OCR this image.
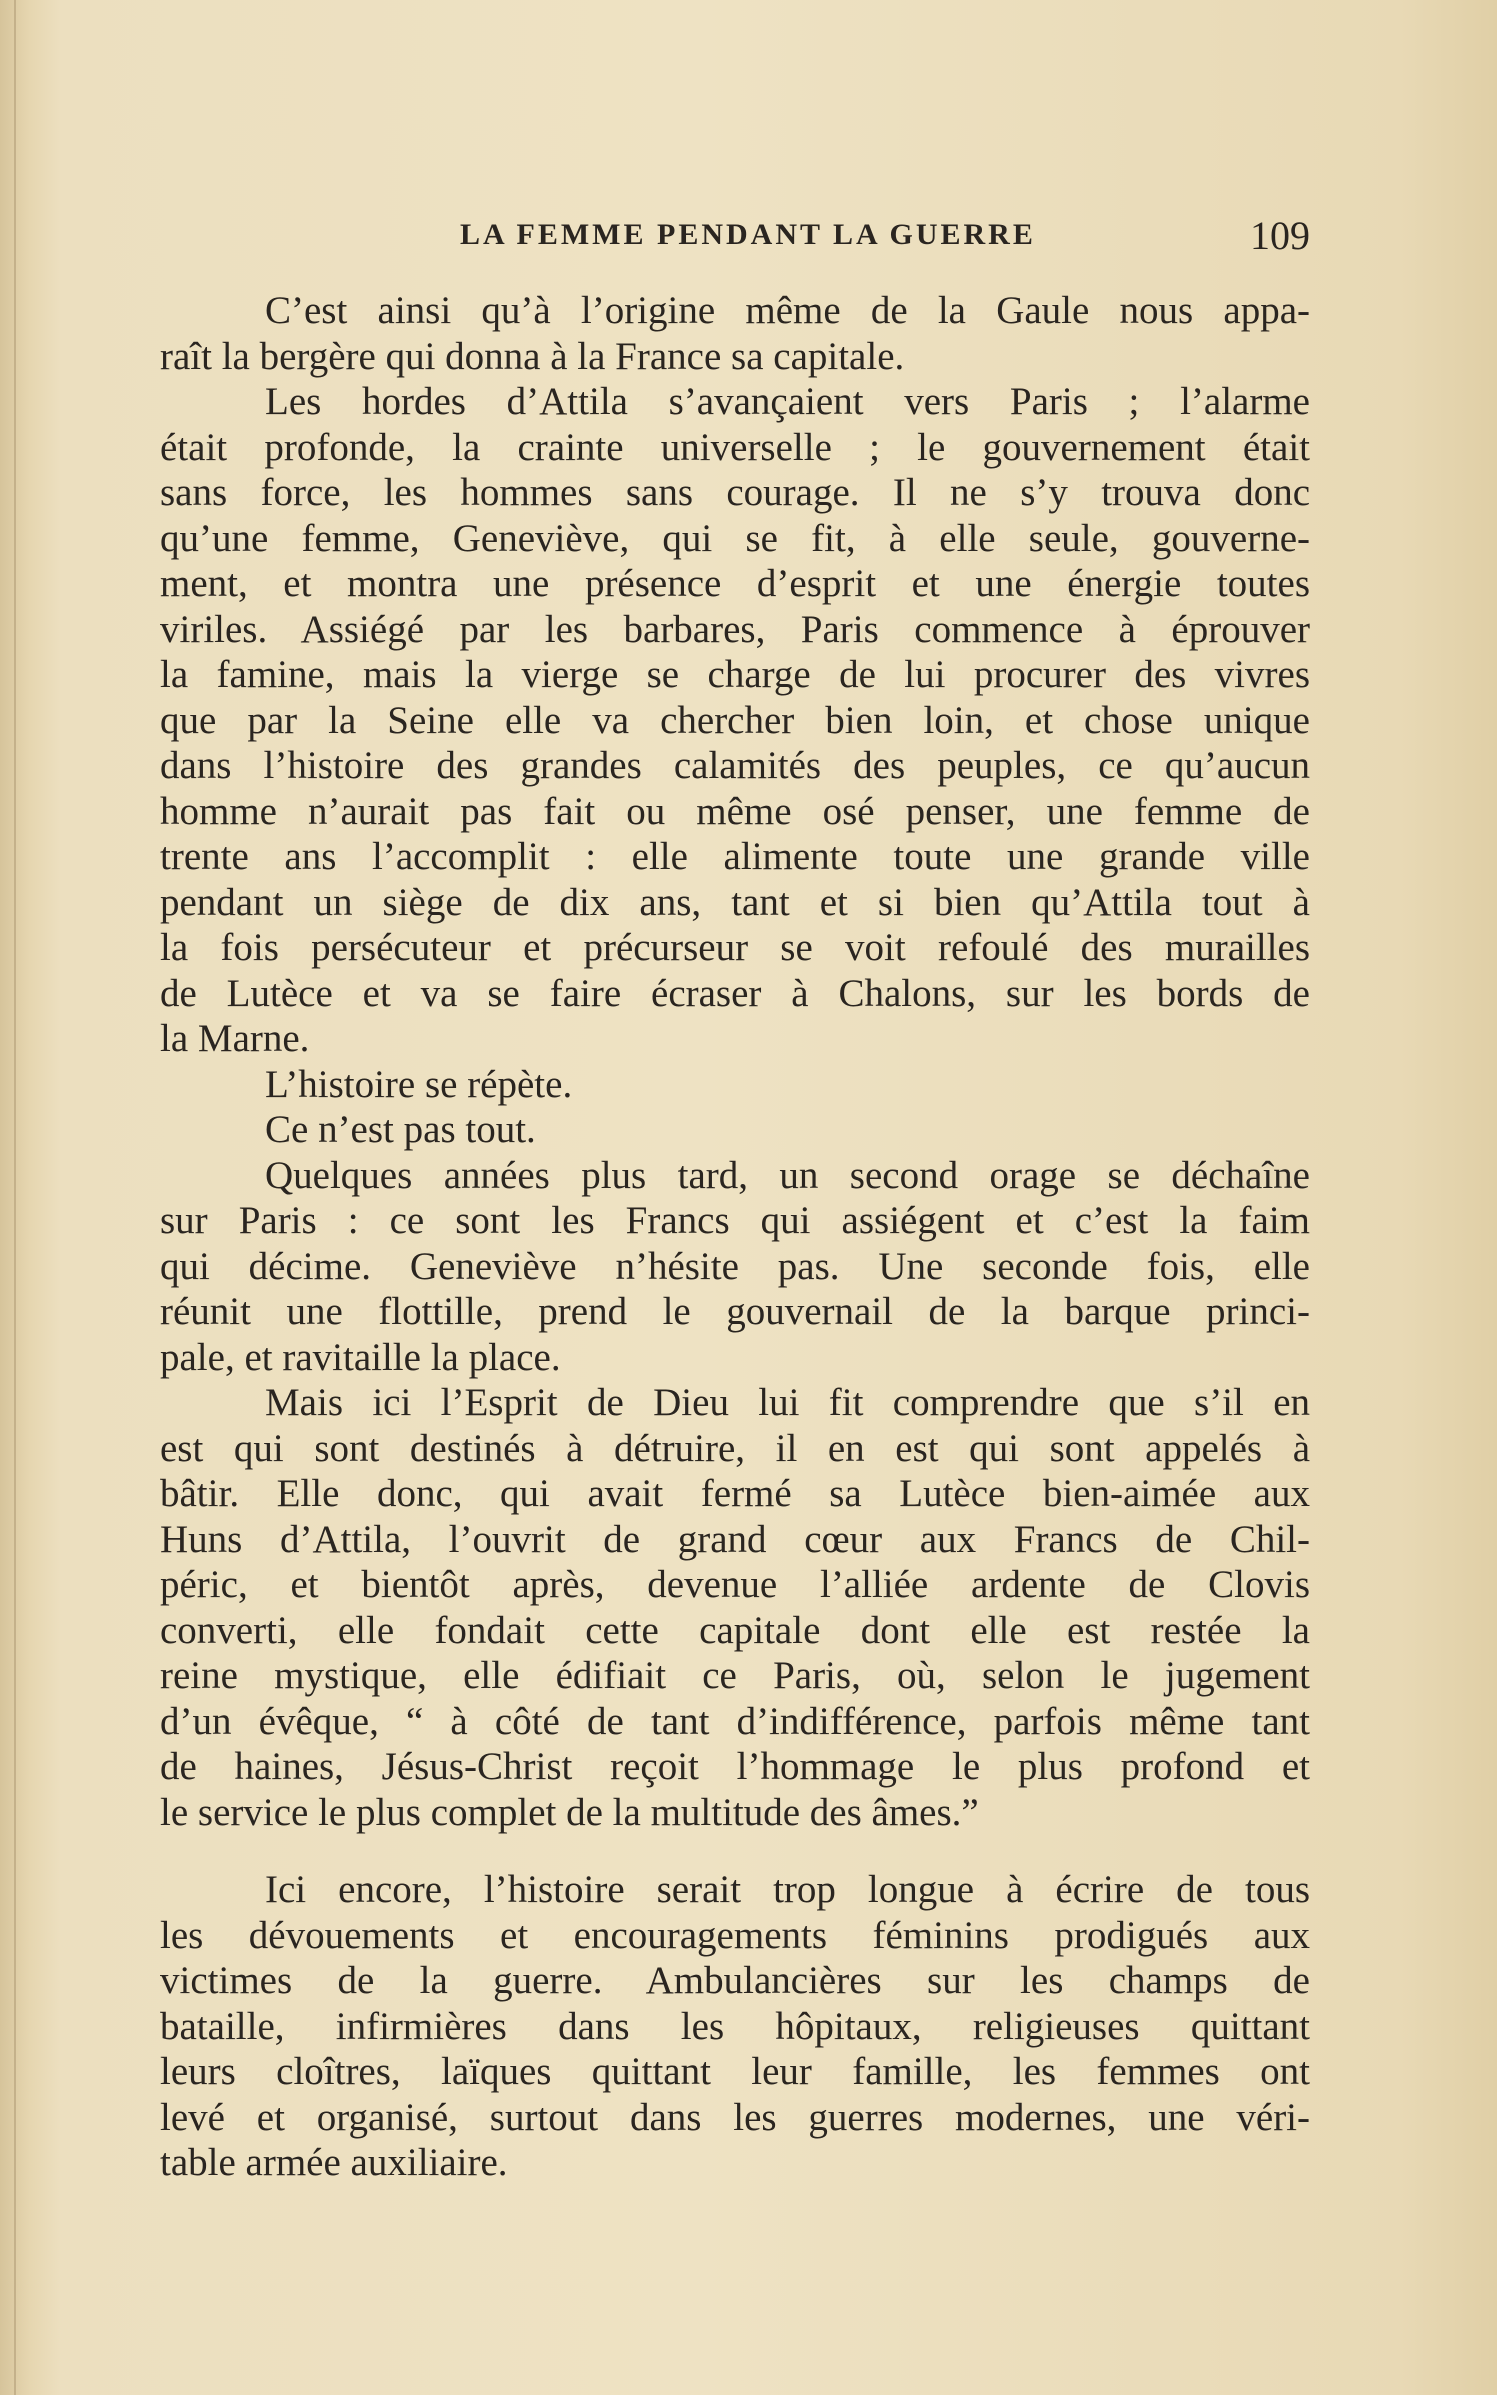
LA FEMME PENDANT LA GUERRE	109
C’est ainsi qu’à l’origine même de la Gaule nous appa-
raît la bergère qui donna à la France sa capitale.
Les hordes d’Attila s’avançaient vers Paris ; l’alarme
était profonde, la crainte universelle ; le gouvernement était
sans force, les hommes sans courage. Il ne s’y trouva donc
qu’une femme, Geneviève, qui se fit, à elle seule, gouverne-
ment, et montra une présence d’esprit et une énergie toutes
viriles. Assiégé par les barbares, Paris commence à éprouver
la famine, mais la vierge se charge de lui procurer des vivres
que par la Seine elle va chercher bien loin, et chose unique
dans l’histoire des grandes calamités des peuples, ce qu’aucun
homme n’aurait pas fait ou même osé penser, une femme de
trente ans l’accomplit : elle alimente toute une grande ville
pendant un siège de dix ans, tant et si bien qu’Attila tout à
la fois persécuteur et précurseur se voit refoulé des murailles
de Lutèce et va se faire écraser à Chalons, sur les bords de
la Marne.
L’histoire se répète.
Ce n’est pas tout.
Quelques années plus tard, un second orage se déchaîne
sur Paris : ce sont les Francs qui assiégent et c’est la faim
qui décime. Geneviève n’hésite pas. Une seconde fois, elle
réunit une flottille, prend le gouvernail de la barque princi-
pale, et ravitaille la place.
Mais ici l’Esprit de Dieu lui fit comprendre que s’il en
est qui sont destinés à détruire, il en est qui sont appelés à
bâtir. Elle donc, qui avait fermé sa Lutèce bien-aimée aux
Huns d’Attila, l’ouvrit de grand cœur aux Francs de Chil-
péric, et bientôt après, devenue l’alliée ardente de Clovis
converti, elle fondait cette capitale dont elle est restée la
reine mystique, elle édifiait ce Paris, où, selon le jugement
d’un évêque, “ à côté de tant d’indifférence, parfois même tant
de haines, Jésus-Christ reçoit l’hommage le plus profond et
le service le plus complet de la multitude des âmes.”
Ici encore, l’histoire serait trop longue à écrire de tous
les dévouements et encouragements féminins prodigués aux
victimes de la guerre. Ambulancières sur les champs de
bataille, infirmières dans les hôpitaux, religieuses quittant
leurs cloîtres, laïques quittant leur famille, les femmes ont
levé et organisé, surtout dans les guerres modernes, une véri-
table armée auxiliaire.
